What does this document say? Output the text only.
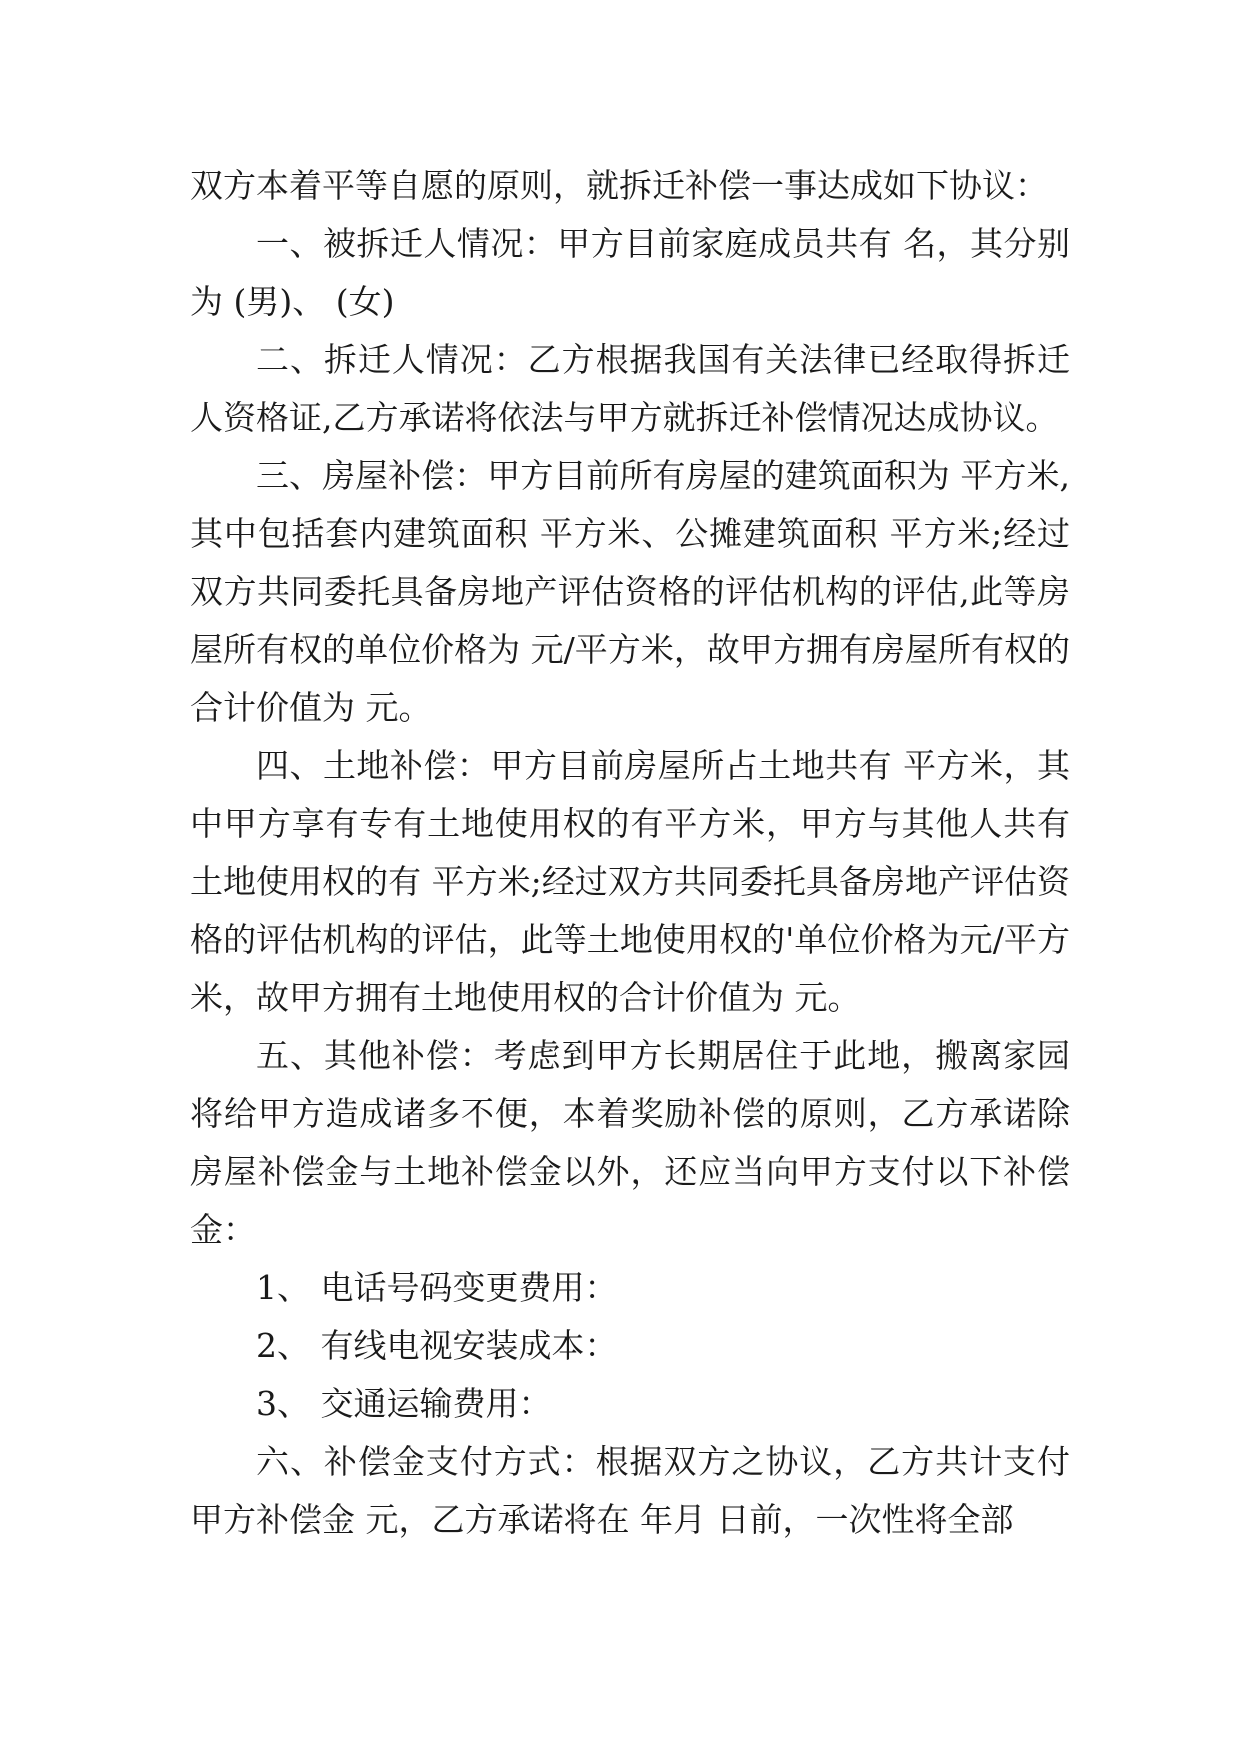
双方本着平等自愿的原则，就拆迁补偿一事达成如下协议：

一、被拆迁人情况：甲方目前家庭成员共有 名，其分别为 (男)、 (女)

二、拆迁人情况：乙方根据我国有关法律已经取得拆迁人资格证,乙方承诺将依法与甲方就拆迁补偿情况达成协议。

三、房屋补偿：甲方目前所有房屋的建筑面积为 平方米,其中包括套内建筑面积 平方米、公摊建筑面积 平方米;经过双方共同委托具备房地产评估资格的评估机构的评估,此等房屋所有权的单位价格为 元/平方米，故甲方拥有房屋所有权的合计价值为 元。

四、土地补偿：甲方目前房屋所占土地共有 平方米，其中甲方享有专有土地使用权的有平方米，甲方与其他人共有土地使用权的有 平方米;经过双方共同委托具备房地产评估资格的评估机构的评估，此等土地使用权的'单位价格为元/平方米，故甲方拥有土地使用权的合计价值为 元。

五、其他补偿：考虑到甲方长期居住于此地，搬离家园将给甲方造成诸多不便，本着奖励补偿的原则，乙方承诺除房屋补偿金与土地补偿金以外，还应当向甲方支付以下补偿金：

1、 电话号码变更费用：

2、 有线电视安装成本：

3、 交通运输费用：

六、补偿金支付方式：根据双方之协议，乙方共计支付甲方补偿金 元，乙方承诺将在 年月 日前，一次性将全部
